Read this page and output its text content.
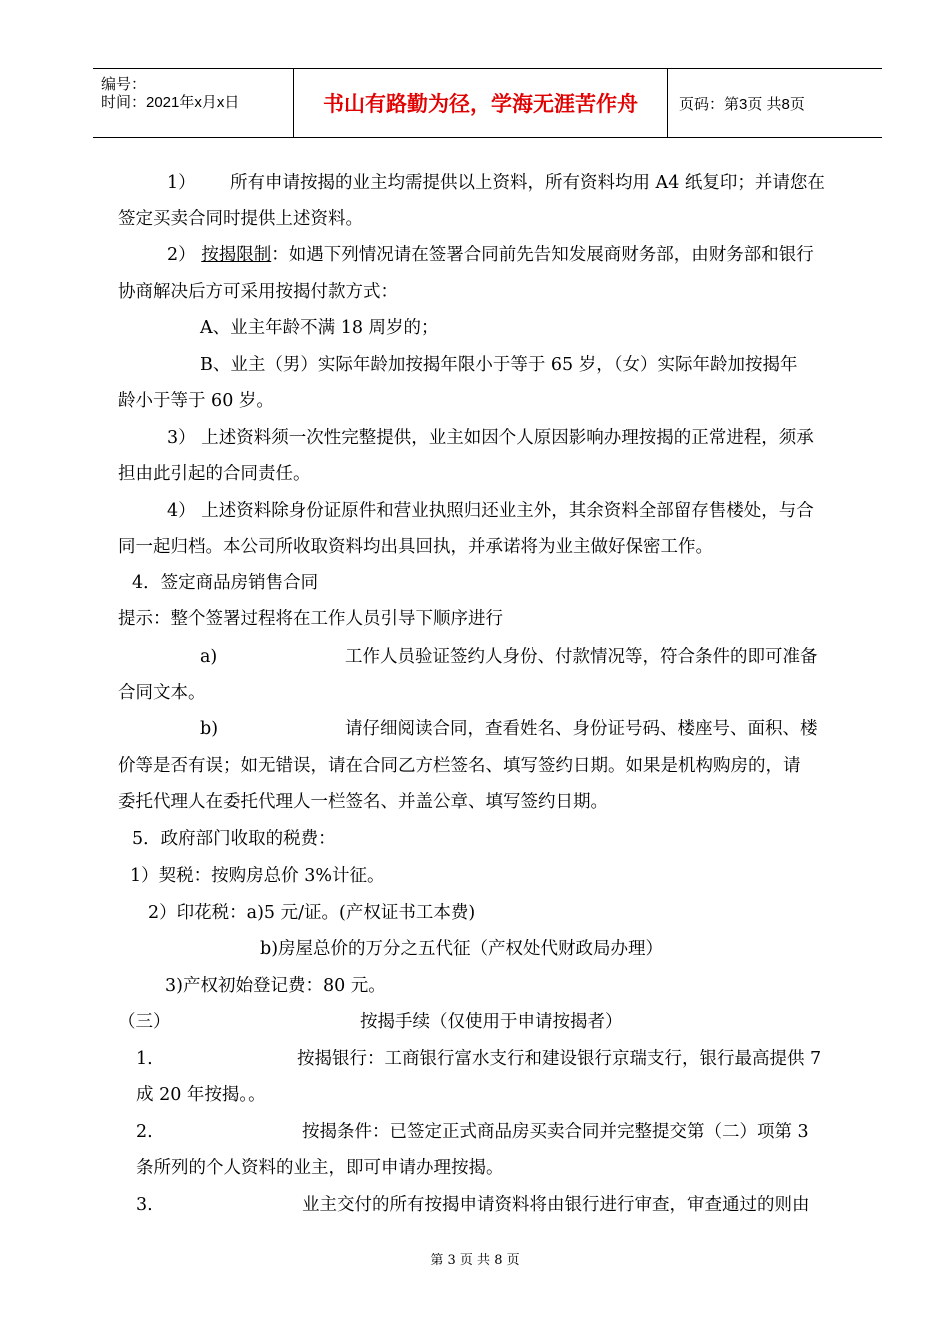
编号：
时间：2021年x月x日	书山有路勤为径，学海无涯苦作舟	页码：第3页 共8页
1） 所有申请按揭的业主均需提供以上资料，所有资料均用 A4 纸复印；并请您在
签定买卖合同时提供上述资料。
2） 按揭限制：如遇下列情况请在签署合同前先告知发展商财务部，由财务部和银行
协商解决后方可采用按揭付款方式：
A、业主年龄不满 18 周岁的；
B、业主（男）实际年龄加按揭年限小于等于 65 岁，（女）实际年龄加按揭年
龄小于等于 60 岁。
3） 上述资料须一次性完整提供，业主如因个人原因影响办理按揭的正常进程，须承
担由此引起的合同责任。
4） 上述资料除身份证原件和营业执照归还业主外，其余资料全部留存售楼处，与合
同一起归档。本公司所收取资料均出具回执，并承诺将为业主做好保密工作。
4．签定商品房销售合同
提示：整个签署过程将在工作人员引导下顺序进行
a)	工作人员验证签约人身份、付款情况等，符合条件的即可准备
合同文本。
b)	请仔细阅读合同，查看姓名、身份证号码、楼座号、面积、楼
价等是否有误；如无错误，请在合同乙方栏签名、填写签约日期。如果是机构购房的，请
委托代理人在委托代理人一栏签名、并盖公章、填写签约日期。
5．政府部门收取的税费：
1）契税：按购房总价 3%计征。
2）印花税：a)5 元/证。(产权证书工本费)
b)房屋总价的万分之五代征（产权处代财政局办理）
3)产权初始登记费：80 元。
（三）	按揭手续（仅使用于申请按揭者）
1.	按揭银行：工商银行富水支行和建设银行京瑞支行，银行最高提供 7
成 20 年按揭。。
2.	按揭条件：已签定正式商品房买卖合同并完整提交第（二）项第 3
条所列的个人资料的业主，即可申请办理按揭。
3.	业主交付的所有按揭申请资料将由银行进行审查，审查通过的则由
第 3 页 共 8 页
